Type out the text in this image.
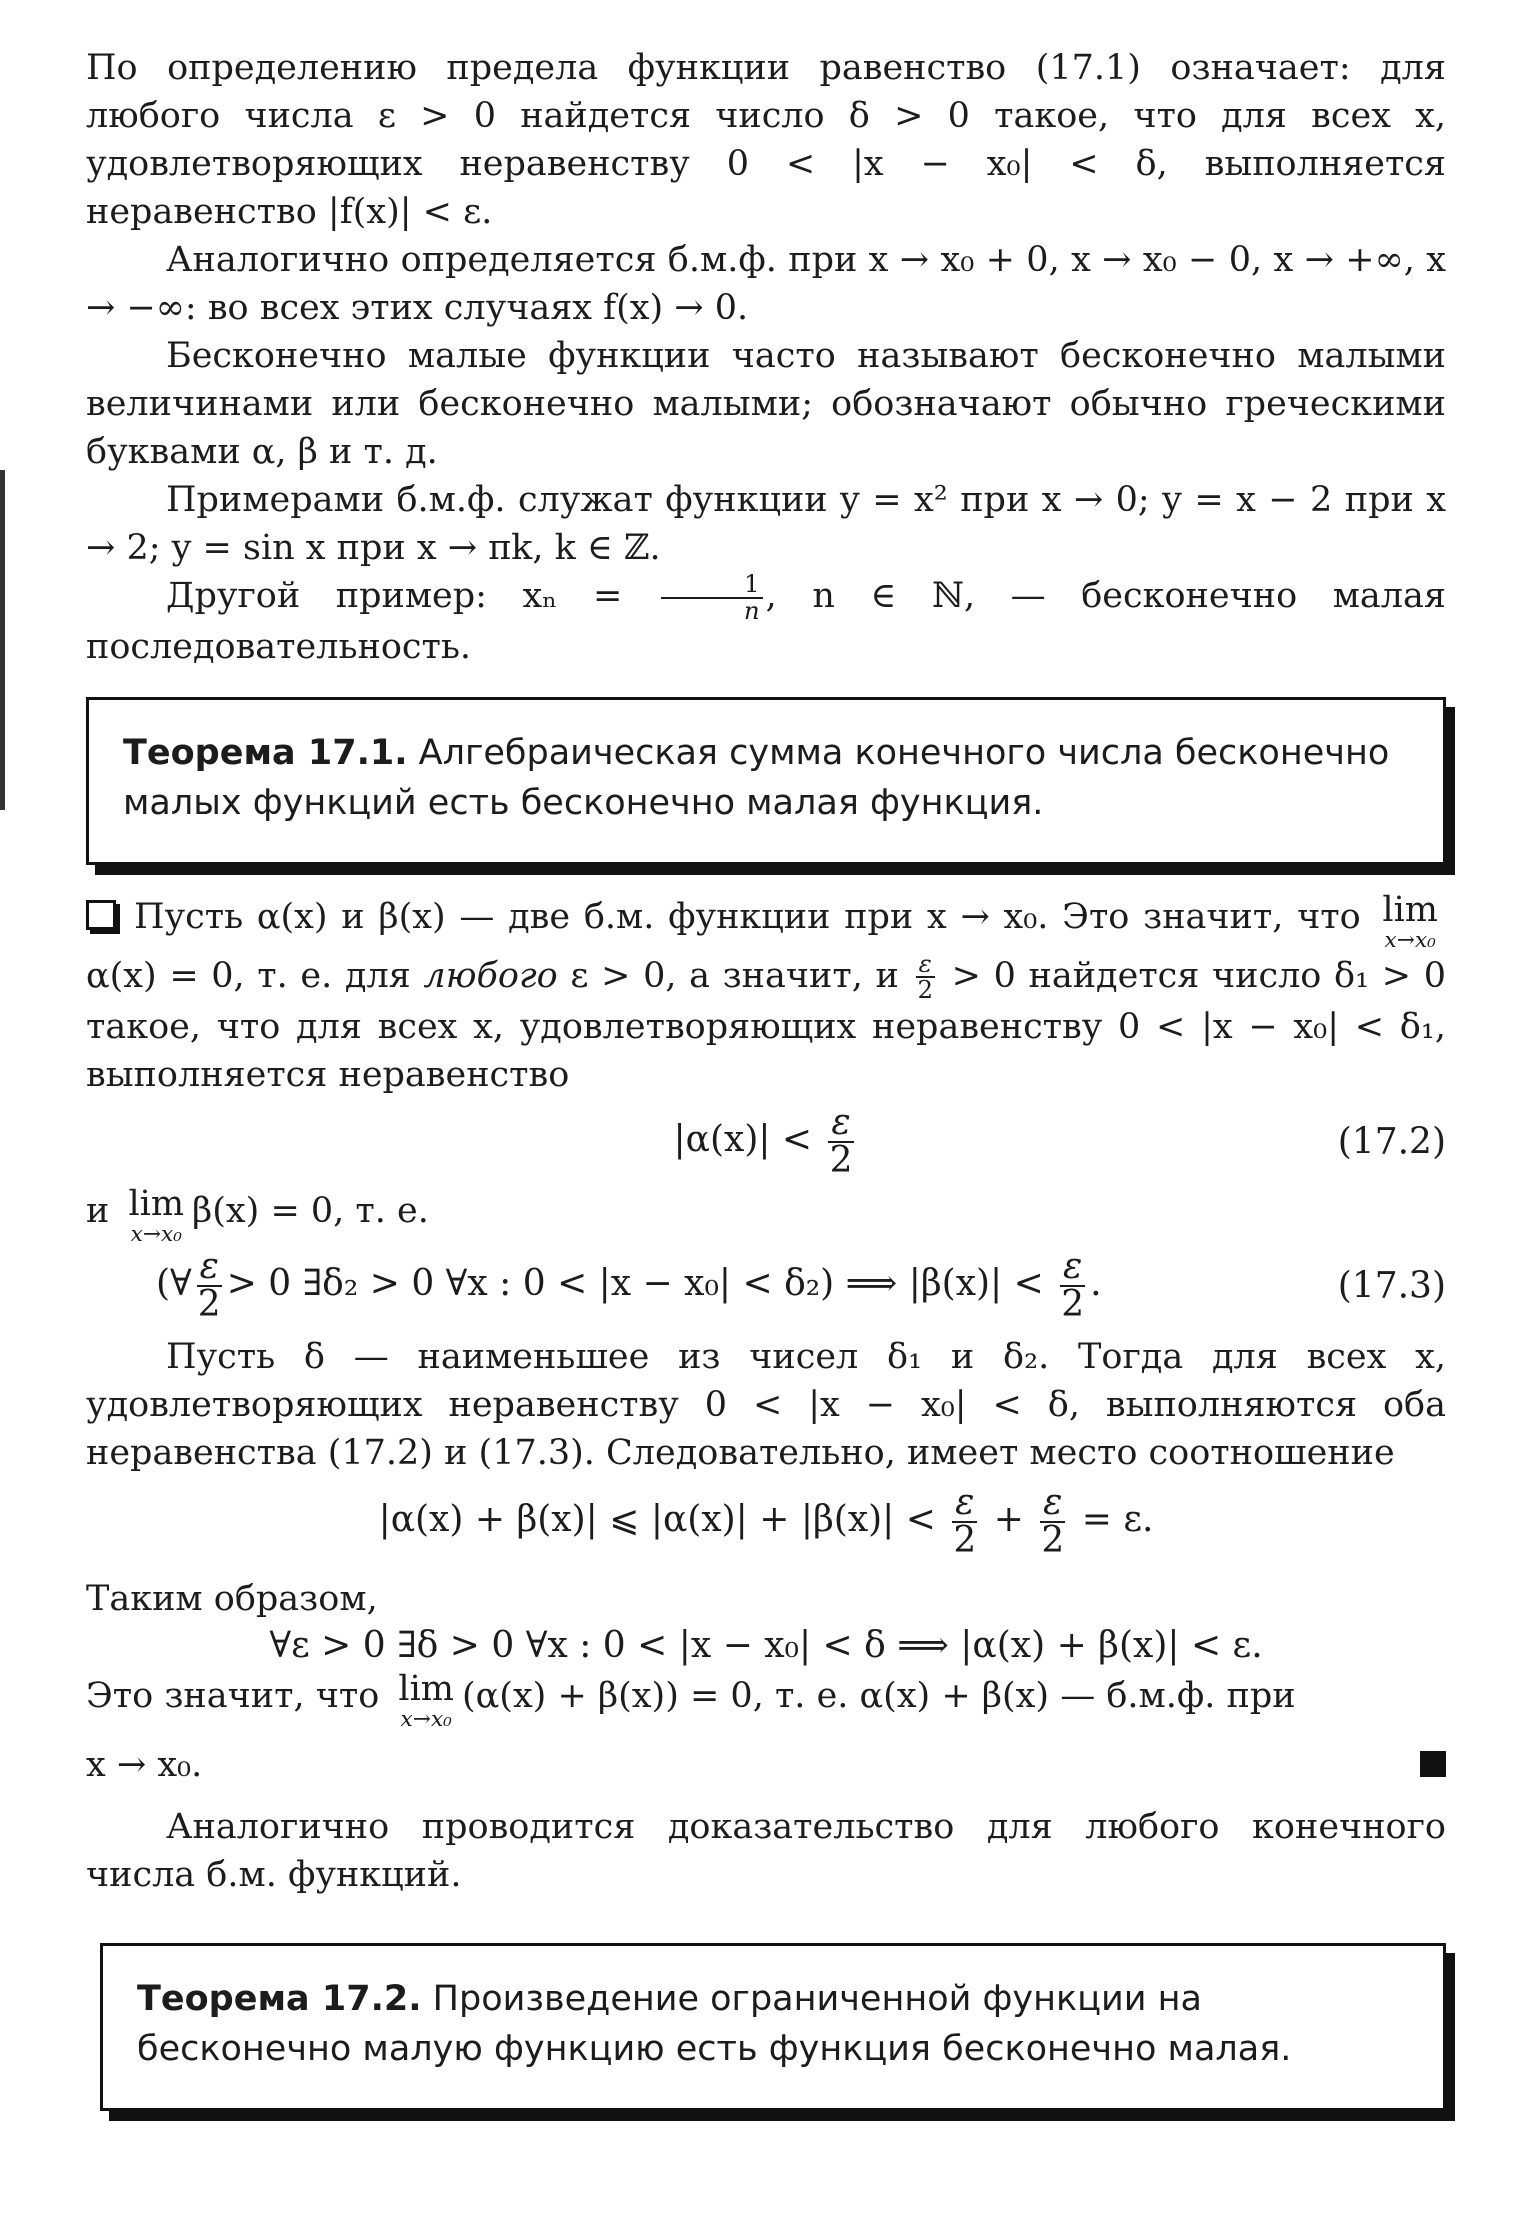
По определению предела функции равенство (17.1) означает: для любого числа ε > 0 найдется число δ > 0 такое, что для всех x, удовлетворяющих неравенству 0 < |x − x₀| < δ, выполняется неравенство |f(x)| < ε.

Аналогично определяется б.м.ф. при x → x₀ + 0, x → x₀ − 0, x → +∞, x → −∞: во всех этих случаях f(x) → 0.

Бесконечно малые функции часто называют бесконечно малыми величинами или бесконечно малыми; обозначают обычно греческими буквами α, β и т. д.

Примерами б.м.ф. служат функции y = x² при x → 0; y = x − 2 при x → 2; y = sin x при x → πk, k ∈ ℤ.

Другой пример: $x_n = \frac{1}{n}$ , n ∈ ℕ, — бесконечно малая последовательность.

Теорема 17.1. Алгебраическая сумма конечного числа бесконечно малых функций есть бесконечно малая функция.

Пусть α(x) и β(x) — две б.м. функции при x → x₀. Это значит, что lim
x→x₀
α(x) = 0, т. е. для любого ε > 0, а значит, и $\frac{\varepsilon}{2} > 0$ найдется число δ₁ > 0 такое, что для всех x, удовлетворяющих неравенству 0 < |x − x₀| < δ₁, выполняется неравенство

$|\alpha(x)| < \frac{\varepsilon}{2}$	(17.2)

и lim
x→x₀
β(x) = 0, т. е.

(∀ $\frac{\varepsilon}{2} > 0$ ∃δ₂ > 0 ∀x : 0 < |x − x₀| < δ₂) ⟹ $|\beta(x)| < \frac{\varepsilon}{2}$ .	(17.3)

Пусть δ — наименьшее из чисел δ₁ и δ₂. Тогда для всех x, удовлетворяющих неравенству 0 < |x − x₀| < δ, выполняются оба неравенства (17.2) и (17.3). Следовательно, имеет место соотношение

|α(x) + β(x)| ⩽ $|\alpha(x)| + |\beta(x)| < \frac{\varepsilon}{2} + \frac{\varepsilon}{2} = \varepsilon$.

Таким образом,

∀ε > 0 ∃δ > 0 ∀x : 0 < |x − x₀| < δ ⟹ |α(x) + β(x)| < ε.

Это значит, что lim
x→x₀
(α(x) + β(x)) = 0, т. е. α(x) + β(x) — б.м.ф. при

x → x₀.

Аналогично проводится доказательство для любого конечного числа б.м. функций.

Теорема 17.2. Произведение ограниченной функции на бесконечно малую функцию есть функция бесконечно малая.
